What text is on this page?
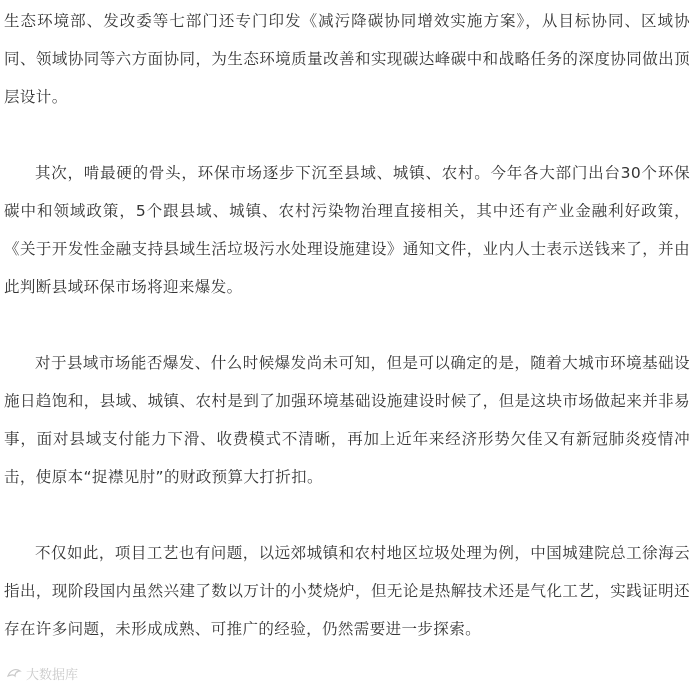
生态环境部、发改委等七部门还专门印发《减污降碳协同增效实施方案》，从目标协同、区域协同、领域协同等六方面协同，为生态环境质量改善和实现碳达峰碳中和战略任务的深度协同做出顶层设计。

其次，啃最硬的骨头，环保市场逐步下沉至县域、城镇、农村。今年各大部门出台30个环保碳中和领域政策，5个跟县域、城镇、农村污染物治理直接相关，其中还有产业金融利好政策，《关于开发性金融支持县域生活垃圾污水处理设施建设》通知文件，业内人士表示送钱来了，并由此判断县域环保市场将迎来爆发。

对于县域市场能否爆发、什么时候爆发尚未可知，但是可以确定的是，随着大城市环境基础设施日趋饱和，县域、城镇、农村是到了加强环境基础设施建设时候了，但是这块市场做起来并非易事，面对县域支付能力下滑、收费模式不清晰，再加上近年来经济形势欠佳又有新冠肺炎疫情冲击，使原本“捉襟见肘”的财政预算大打折扣。

不仅如此，项目工艺也有问题，以远郊城镇和农村地区垃圾处理为例，中国城建院总工徐海云指出，现阶段国内虽然兴建了数以万计的小焚烧炉，但无论是热解技术还是气化工艺，实践证明还存在许多问题，未形成成熟、可推广的经验，仍然需要进一步探索。

大数据库
